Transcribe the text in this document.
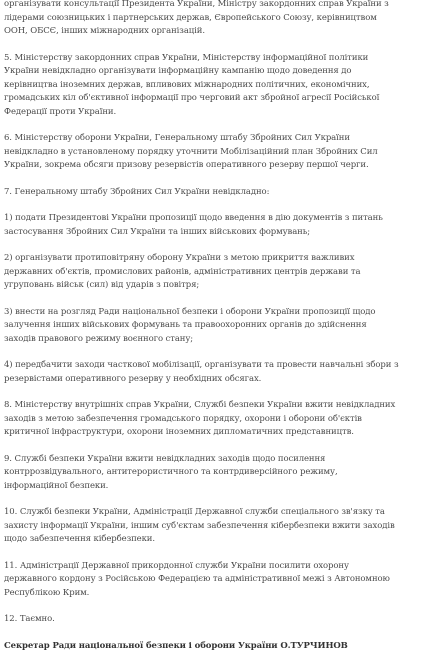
організувати консультації Президента України, Міністру закордонних справ України з
лідерами союзницьких і партнерських держав, Європейського Союзу, керівництвом
ООН, ОБСЄ, інших міжнародних організацій.

5. Міністерству закордонних справ України, Міністерству інформаційної політики
України невідкладно організувати інформаційну кампанію щодо доведення до
керівництва іноземних держав, впливових міжнародних політичних, економічних,
громадських кіл об'єктивної інформації про черговий акт збройної агресії Російської
Федерації проти України.

6. Міністерству оборони України, Генеральному штабу Збройних Сил України
невідкладно в установленому порядку уточнити Мобілізаційний план Збройних Сил
України, зокрема обсяги призову резервістів оперативного резерву першої черги.

7. Генеральному штабу Збройних Сил України невідкладно:

1) подати Президентові України пропозиції щодо введення в дію документів з питань
застосування Збройних Сил України та інших військових формувань;

2) організувати протиповітряну оборону України з метою прикриття важливих
державних об'єктів, промислових районів, адміністративних центрів держави та
угруповань військ (сил) від ударів з повітря;

3) внести на розгляд Ради національної безпеки і оборони України пропозиції щодо
залучення інших військових формувань та правоохоронних органів до здійснення
заходів правового режиму воєнного стану;

4) передбачити заходи часткової мобілізації, організувати та провести навчальні збори з
резервістами оперативного резерву у необхідних обсягах.

8. Міністерству внутрішніх справ України, Службі безпеки України вжити невідкладних
заходів з метою забезпечення громадського порядку, охорони і оборони об'єктів
критичної інфраструктури, охорони іноземних дипломатичних представництв.

9. Службі безпеки України вжити невідкладних заходів щодо посилення
контррозвідувального, антитерористичного та контрдиверсійного режиму,
інформаційної безпеки.

10. Службі безпеки України, Адміністрації Державної служби спеціального зв'язку та
захисту інформації України, іншим суб'єктам забезпечення кібербезпеки вжити заходів
щодо забезпечення кібербезпеки.

11. Адміністрації Державної прикордонної служби України посилити охорону
державного кордону з Російською Федерацією та адміністративної межі з Автономною
Республікою Крим.

12. Таємно.

Секретар Ради національної безпеки і оборони України О.ТУРЧИНОВ
